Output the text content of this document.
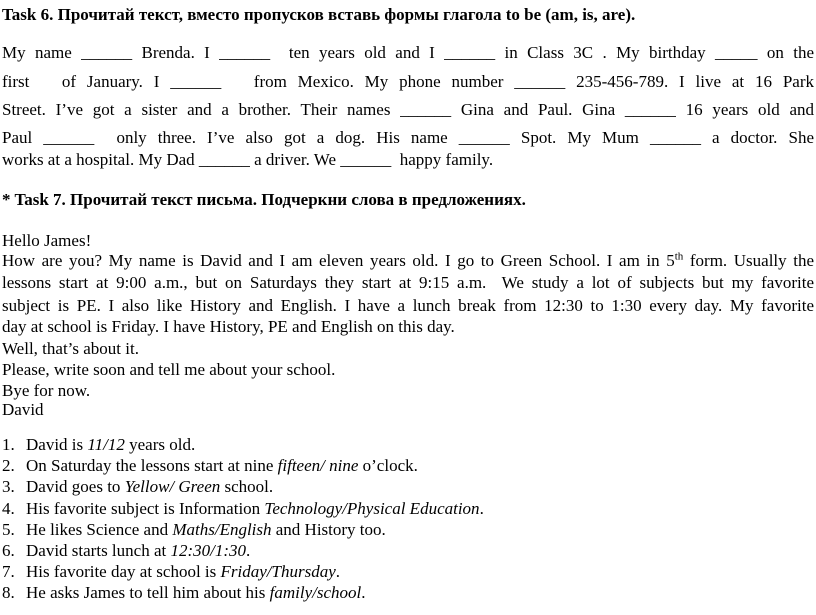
Task 6. Прочитай текст, вместо пропусков вставь формы глагола to be (am, is, are).
My name ______ Brenda. I ______  ten years old and I ______ in Class 3C . My birthday _____ on the
first   of January. I ______   from Mexico. My phone number ______ 235-456-789. I live at 16 Park
Street. I’ve got a sister and a brother. Their names ______ Gina and Paul. Gina ______ 16 years old and
Paul ______  only three. I’ve also got a dog. His name ______ Spot. My Mum ______ a doctor. She
works at a hospital. My Dad ______ a driver. We ______  happy family.
* Task 7. Прочитай текст письма. Подчеркни слова в предложениях.
Hello James!
How are you? My name is David and I am eleven years old. I go to Green School. I am in 5th form. Usually the
lessons start at 9:00 a.m., but on Saturdays they start at 9:15 a.m.  We study a lot of subjects but my favorite
subject is PE. I also like History and English. I have a lunch break from 12:30 to 1:30 every day. My favorite
day at school is Friday. I have History, PE and English on this day.
Well, that’s about it.
Please, write soon and tell me about your school.
Bye for now.
David
1. David is 11/12 years old.
2. On Saturday the lessons start at nine fifteen/ nine o’clock.
3. David goes to Yellow/ Green school.
4. His favorite subject is Information Technology/Physical Education.
5. He likes Science and Maths/English and History too.
6. David starts lunch at 12:30/1:30.
7. His favorite day at school is Friday/Thursday.
8. He asks James to tell him about his family/school.
